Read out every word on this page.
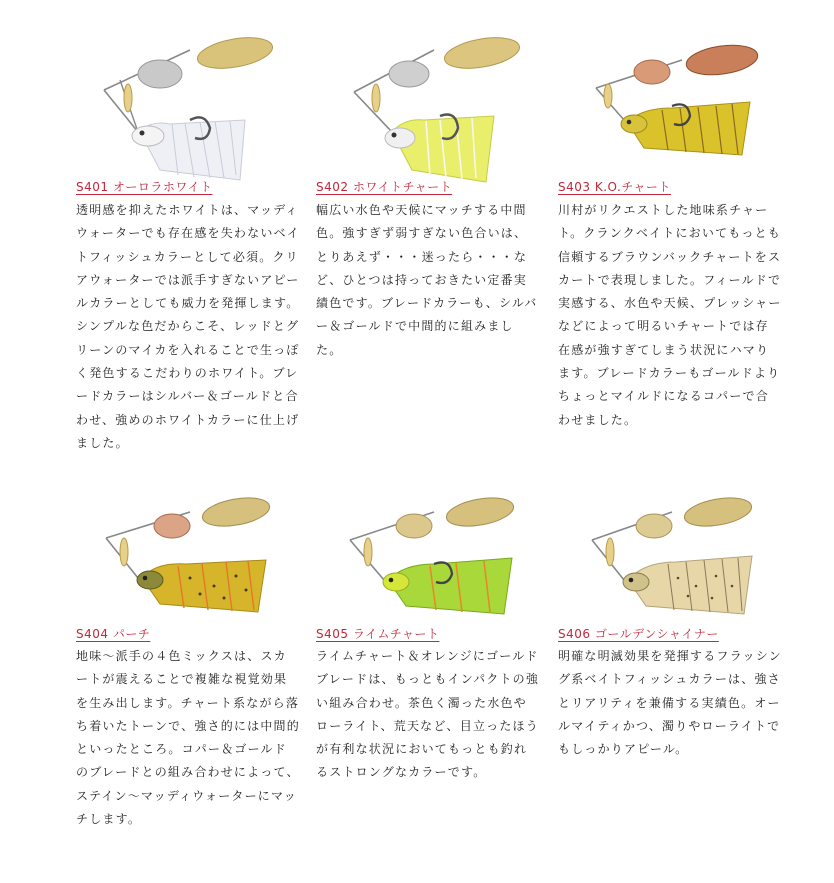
S401 オーロラホワイト
透明感を抑えたホワイトは、マッディウォーターでも存在感を失わないベイトフィッシュカラーとして必須。クリアウォーターでは派手すぎないアピールカラーとしても威力を発揮します。シンプルな色だからこそ、レッドとグリーンのマイカを入れることで生っぽく発色するこだわりのホワイト。ブレードカラーはシルバー＆ゴールドと合わせ、強めのホワイトカラーに仕上げました。
S402 ホワイトチャート
幅広い水色や天候にマッチする中間色。強すぎず弱すぎない色合いは、とりあえず・・・迷ったら・・・など、ひとつは持っておきたい定番実績色です。ブレードカラーも、シルバー＆ゴールドで中間的に組みました。
S403 K.O.チャート
川村がリクエストした地味系チャート。クランクベイトにおいてもっとも信頼するブラウンバックチャートをスカートで表現しました。フィールドで実感する、水色や天候、プレッシャーなどによって明るいチャートでは存在感が強すぎてしまう状況にハマります。ブレードカラーもゴールドよりちょっとマイルドになるコパーで合わせました。
S404 パーチ
地味〜派手の４色ミックスは、スカートが震えることで複雑な視覚効果を生み出します。チャート系ながら落ち着いたトーンで、強さ的には中間的といったところ。コパー＆ゴールドのブレードとの組み合わせによって、ステイン〜マッディウォーターにマッチします。
S405 ライムチャート
ライムチャート＆オレンジにゴールドブレードは、もっともインパクトの強い組み合わせ。茶色く濁った水色やローライト、荒天など、目立ったほうが有利な状況においてもっとも釣れるストロングなカラーです。
S406 ゴールデンシャイナー
明確な明滅効果を発揮するフラッシング系ベイトフィッシュカラーは、強さとリアリティを兼備する実績色。オールマイティかつ、濁りやローライトでもしっかりアピール。
